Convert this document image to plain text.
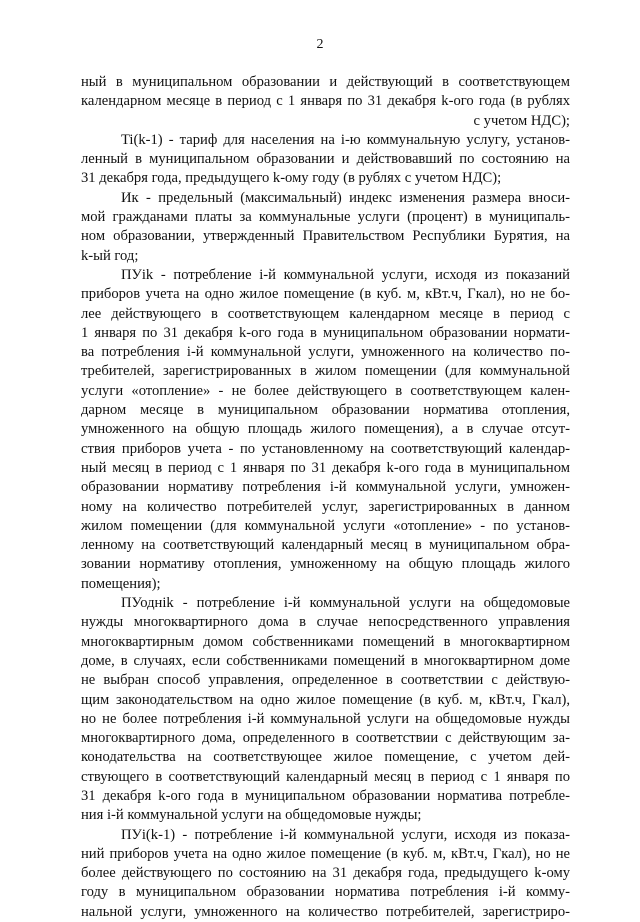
2
ный в муниципальном образовании и действующий в соответствующем
календарном месяце в период с 1 января по 31 декабря k-ого года (в рублях
с учетом НДС);
Ti(k-1) - тариф для населения на i-ю коммунальную услугу, установ-
ленный в муниципальном образовании и действовавший по состоянию на
31 декабря года, предыдущего k-ому году (в рублях с учетом НДС);
Ик - предельный (максимальный) индекс изменения размера вноси-
мой гражданами платы за коммунальные услуги (процент) в муниципаль-
ном образовании, утвержденный Правительством Республики Бурятия, на
k-ый год;
ПУik - потребление i-й коммунальной услуги, исходя из показаний
приборов учета на одно жилое помещение (в куб. м, кВт.ч, Гкал), но не бо-
лее действующего в соответствующем календарном месяце в период с
1 января по 31 декабря k-ого года в муниципальном образовании нормати-
ва потребления i-й коммунальной услуги, умноженного на количество по-
требителей, зарегистрированных в жилом помещении (для коммунальной
услуги «отопление» - не более действующего в соответствующем кален-
дарном месяце в муниципальном образовании норматива отопления,
умноженного на общую площадь жилого помещения), а в случае отсут-
ствия приборов учета - по установленному на соответствующий календар-
ный месяц в период с 1 января по 31 декабря k-ого года в муниципальном
образовании нормативу потребления i-й коммунальной услуги, умножен-
ному на количество потребителей услуг, зарегистрированных в данном
жилом помещении (для коммунальной услуги «отопление» - по установ-
ленному на соответствующий календарный месяц в муниципальном обра-
зовании нормативу отопления, умноженному на общую площадь жилого
помещения);
ПУодніk - потребление i-й коммунальной услуги на общедомовые
нужды многоквартирного дома в случае непосредственного управления
многоквартирным домом собственниками помещений в многоквартирном
доме, в случаях, если собственниками помещений в многоквартирном доме
не выбран способ управления, определенное в соответствии с действую-
щим законодательством на одно жилое помещение (в куб. м, кВт.ч, Гкал),
но не более потребления i-й коммунальной услуги на общедомовые нужды
многоквартирного дома, определенного в соответствии с действующим за-
конодательства на соответствующее жилое помещение, с учетом дей-
ствующего в соответствующий календарный месяц в период с 1 января по
31 декабря k-ого года в муниципальном образовании норматива потребле-
ния i-й коммунальной услуги на общедомовые нужды;
ПУi(k-1) - потребление i-й коммунальной услуги, исходя из показа-
ний приборов учета на одно жилое помещение (в куб. м, кВт.ч, Гкал), но не
более действующего по состоянию на 31 декабря года, предыдущего k-ому
году в муниципальном образовании норматива потребления i-й комму-
нальной услуги, умноженного на количество потребителей, зарегистриро-
